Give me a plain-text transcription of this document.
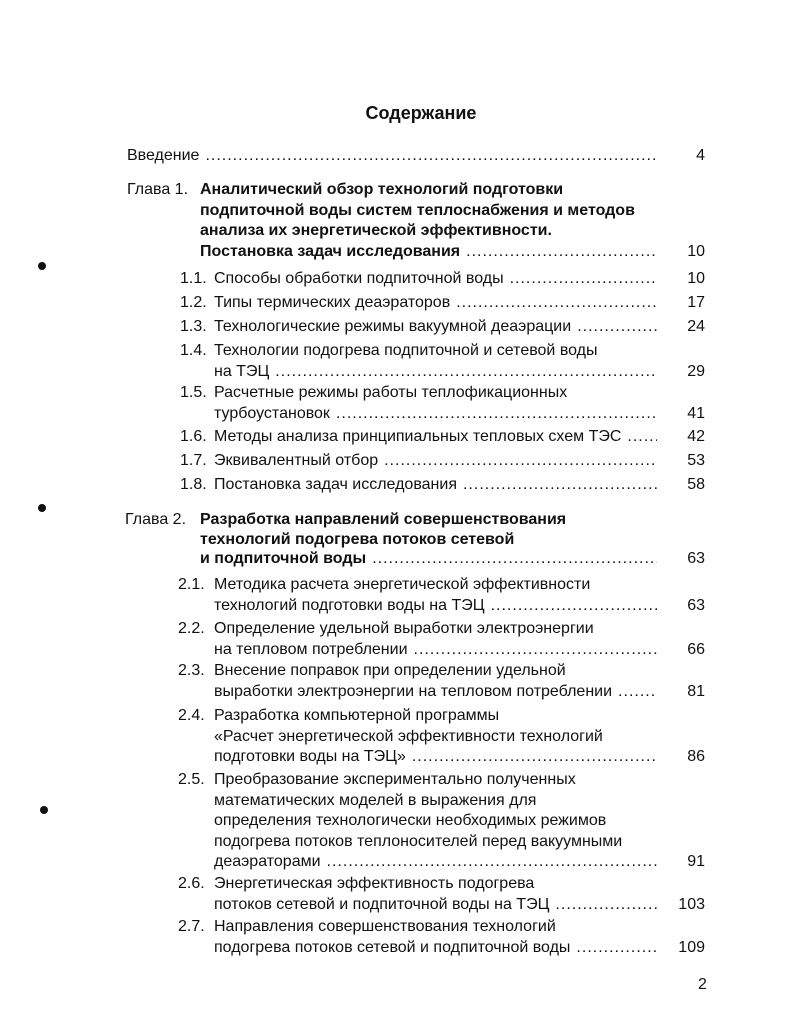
Содержание
Введение .....	4
Глава 1. Аналитический обзор технологий подготовки
подпиточной воды систем теплоснабжения и методов
анализа их энергетической эффективности.
Постановка задач исследования .....	10
1.1. Способы обработки подпиточной воды .....	10
1.2. Типы термических деаэраторов .....	17
1.3. Технологические режимы вакуумной деаэрации .....	24
1.4. Технологии подогрева подпиточной и сетевой воды
на ТЭЦ .....	29
1.5. Расчетные режимы работы теплофикационных
турбоустановок .....	41
1.6. Методы анализа принципиальных тепловых схем ТЭС .....	42
1.7. Эквивалентный отбор .....	53
1.8. Постановка задач исследования .....	58
Глава 2. Разработка направлений совершенствования
технологий подогрева потоков сетевой
и подпиточной воды .....	63
2.1. Методика расчета энергетической эффективности
технологий подготовки воды на ТЭЦ .....	63
2.2. Определение удельной выработки электроэнергии
на тепловом потреблении .....	66
2.3. Внесение поправок при определении удельной
выработки электроэнергии на тепловом потреблении .....	81
2.4. Разработка компьютерной программы
«Расчет энергетической эффективности технологий
подготовки воды на ТЭЦ» .....	86
2.5. Преобразование экспериментально полученных
математических моделей в выражения для
определения технологически необходимых режимов
подогрева потоков теплоносителей перед вакуумными
деаэраторами .....	91
2.6. Энергетическая эффективность подогрева
потоков сетевой и подпиточной воды на ТЭЦ .....	103
2.7. Направления совершенствования технологий
подогрева потоков сетевой и подпиточной воды .....	109
2
